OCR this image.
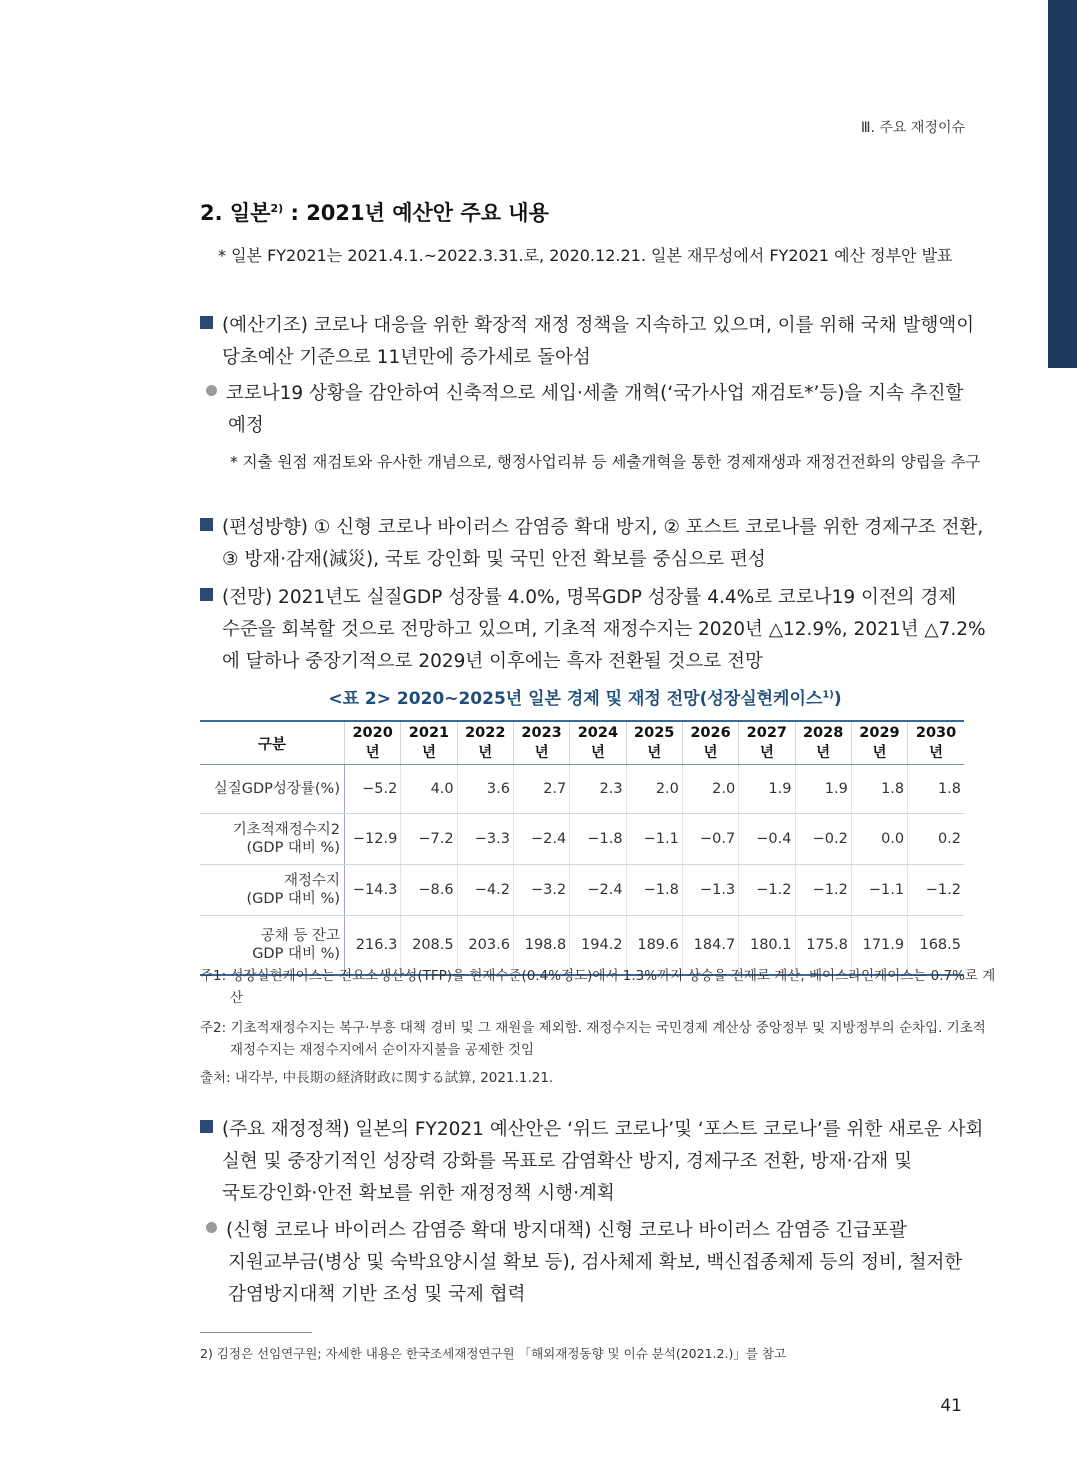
Ⅲ. 주요 재정이슈
2. 일본$^{2)}$ : 2021년 예산안 주요 내용

* 일본 FY2021는 2021.4.1.~2022.3.31.로, 2020.12.21. 일본 재무성에서 FY2021 예산 정부안 발표

(예산기조) 코로나 대응을 위한 확장적 재정 정책을 지속하고 있으며, 이를 위해 국채 발행액이 당초예산 기준으로 11년만에 증가세로 돌아섬

코로나19 상황을 감안하여 신축적으로 세입·세출 개혁(‘국가사업 재검토*’등)을 지속 추진할 예정

* 지출 원점 재검토와 유사한 개념으로, 행정사업리뷰 등 세출개혁을 통한 경제재생과 재정건전화의 양립을 추구

(편성방향) ① 신형 코로나 바이러스 감염증 확대 방지, ② 포스트 코로나를 위한 경제구조 전환, ③ 방재·감재(減災), 국토 강인화 및 국민 안전 확보를 중심으로 편성

(전망) 2021년도 실질GDP 성장률 4.0%, 명목GDP 성장률 4.4%로 코로나19 이전의 경제 수준을 회복할 것으로 전망하고 있으며, 기초적 재정수지는 2020년 △12.9%, 2021년 △7.2%에 달하나 중장기적으로 2029년 이후에는 흑자 전환될 것으로 전망

<표 2> 2020~2025년 일본 경제 및 재정 전망(성장실현케이스$^{1)}$)

구분	2020년	2021년	2022년	2023년	2024년	2025년	2026년	2027년	2028년	2029년	2030년

실질GDP성장률(%)	−5.2	4.0	3.6	2.7	2.3	2.0	2.0	1.9	1.9	1.8	1.8

기초적재정수지2
(GDP 대비 %)	−12.9	−7.2	−3.3	−2.4	−1.8	−1.1	−0.7	−0.4	−0.2	0.0	0.2

재정수지
(GDP 대비 %)	−14.3	−8.6	−4.2	−3.2	−2.4	−1.8	−1.3	−1.2	−1.2	−1.1	−1.2

공채 등 잔고
GDP 대비 %)	216.3	208.5	203.6	198.8	194.2	189.6	184.7	180.1	175.8	171.9	168.5

주1: 성장실현케이스는 전요소생산성(TFP)을 현재수준(0.4%정도)에서 1.3%까지 상승을 전제로 계산, 베이스라인케이스는 0.7%로 계산

주2: 기초적재정수지는 복구·부흥 대책 경비 및 그 재원을 제외함. 재정수지는 국민경제 계산상 중앙정부 및 지방정부의 순차입. 기초적 재정수지는 재정수지에서 순이자지불을 공제한 것임

출처: 내각부, 中長期の経済財政に関する試算, 2021.1.21.

(주요 재정정책) 일본의 FY2021 예산안은 ‘위드 코로나’및 ‘포스트 코로나’를 위한 새로운 사회 실현 및 중장기적인 성장력 강화를 목표로 감염확산 방지, 경제구조 전환, 방재·감재 및 국토강인화·안전 확보를 위한 재정정책 시행·계획

(신형 코로나 바이러스 감염증 확대 방지대책) 신형 코로나 바이러스 감염증 긴급포괄 지원교부금(병상 및 숙박요양시설 확보 등), 검사체제 확보, 백신접종체제 등의 정비, 철저한 감염방지대책 기반 조성 및 국제 협력

2) 김정은 선임연구원; 자세한 내용은 한국조세재정연구원 「해외재정동향 및 이슈 분석(2021.2.)」를 참고

41
